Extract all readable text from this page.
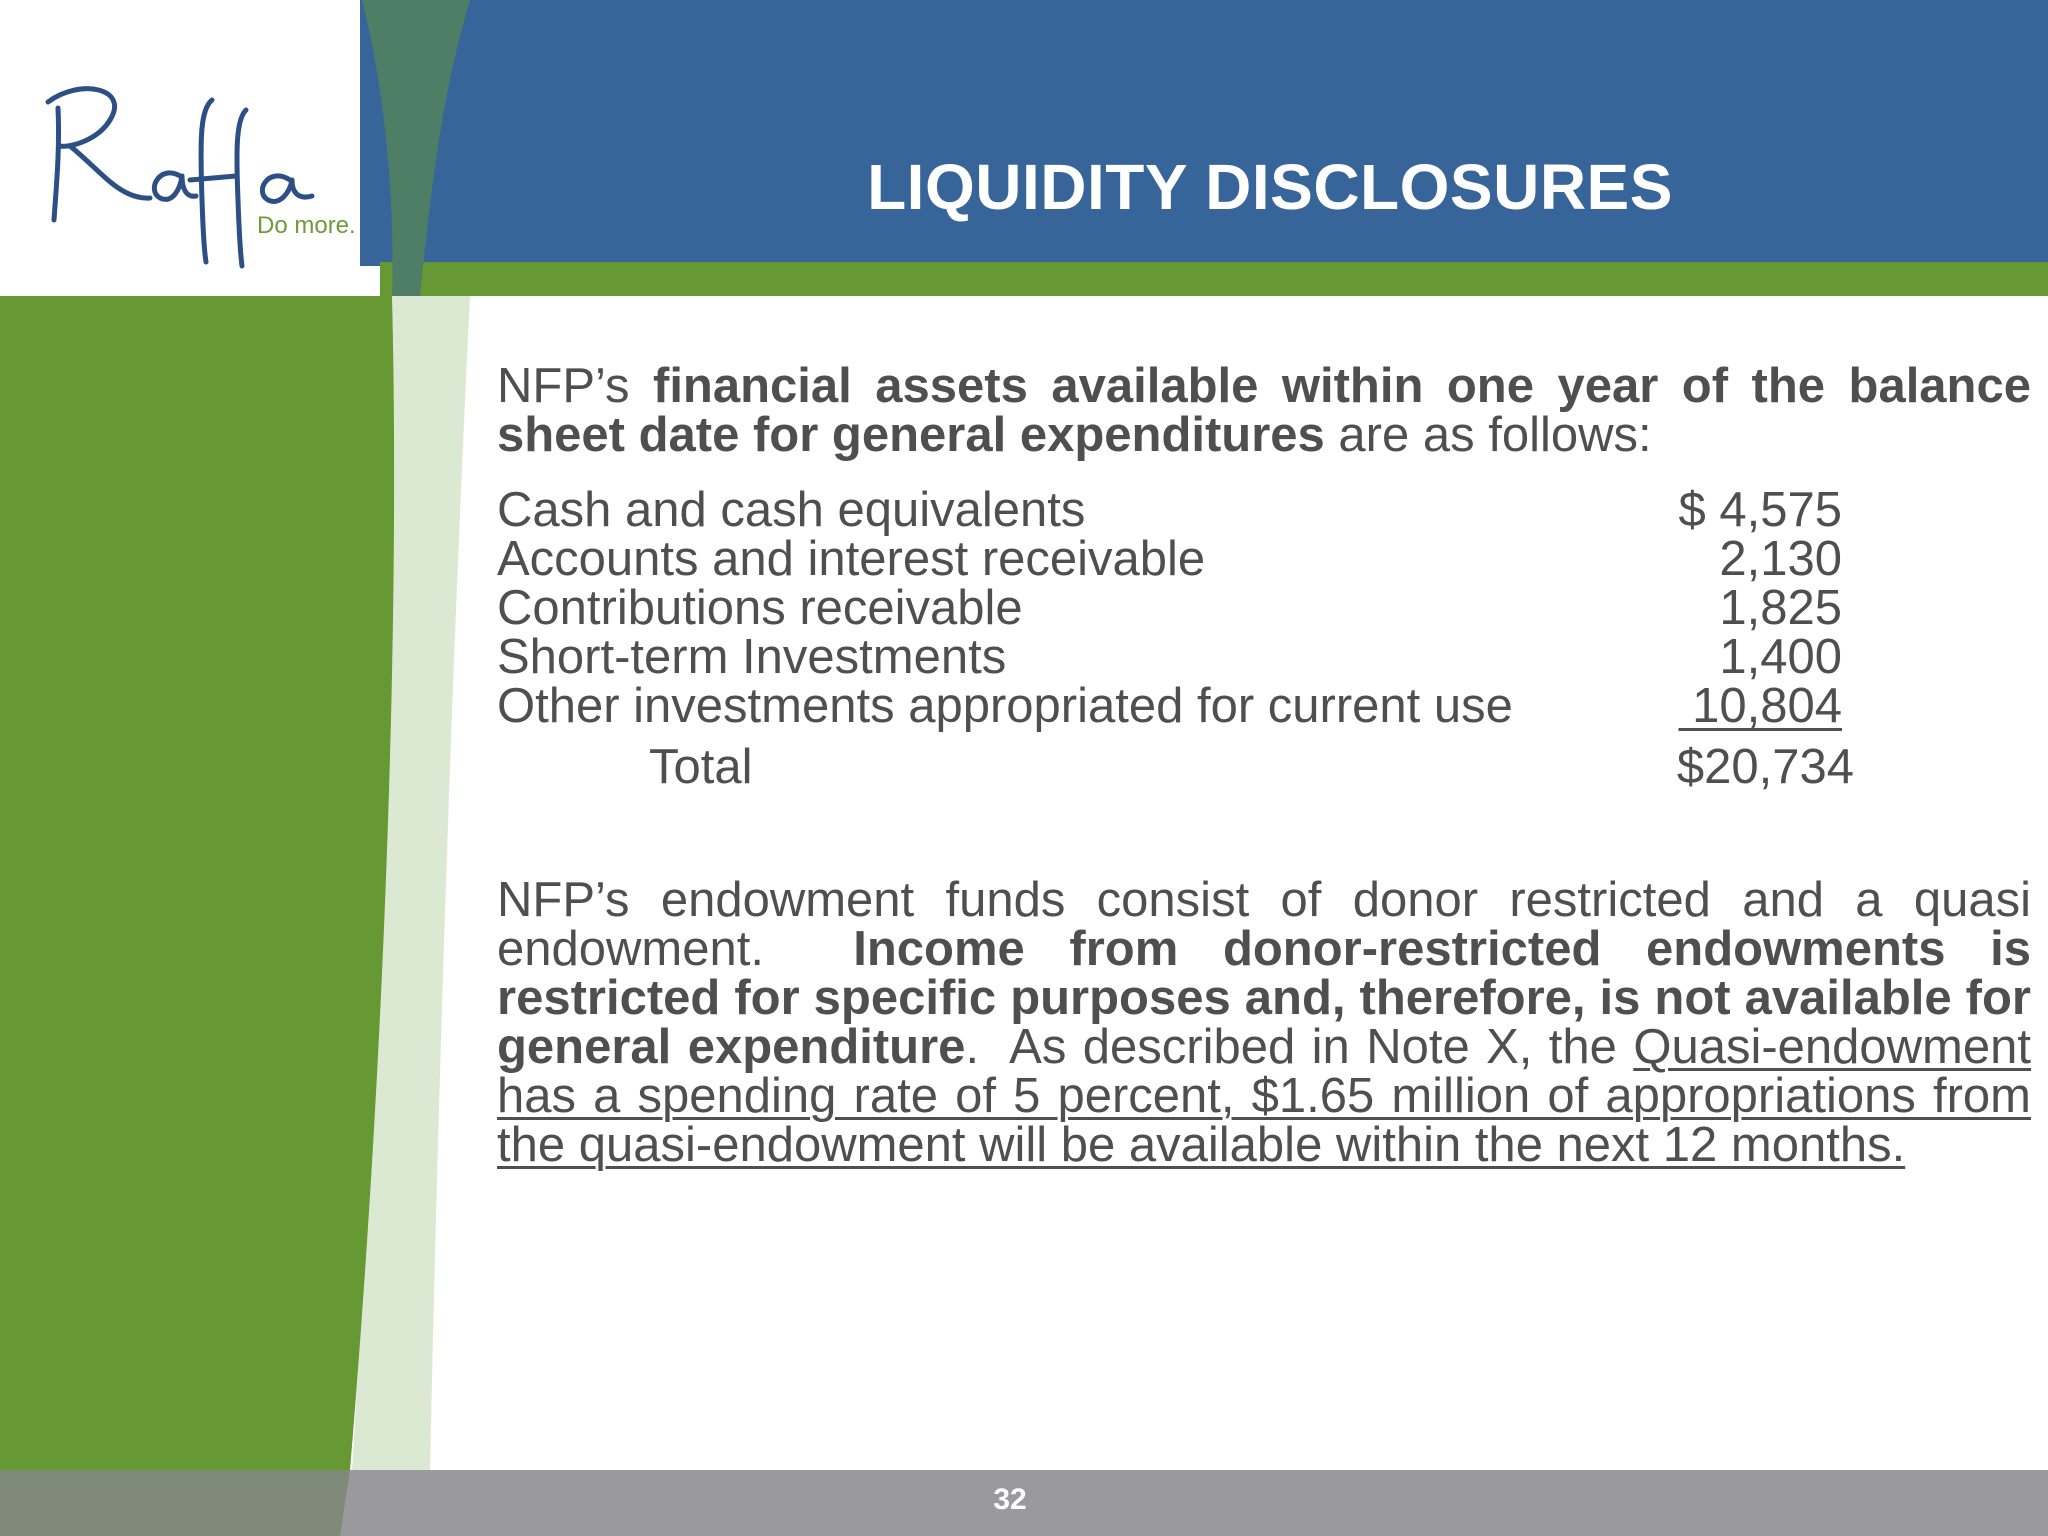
Do more.
LIQUIDITY DISCLOSURES

NFP’s financial assets available within one year of the balance sheet date for general expenditures are as follows:

Cash and cash equivalents	$ 4,575
Accounts and interest receivable	2,130
Contributions receivable	1,825
Short-term Investments	1,400
Other investments appropriated for current use	10,804
Total	$20,734

NFP’s endowment funds consist of donor restricted and a quasi endowment.  Income from donor-restricted endowments is restricted for specific purposes and, therefore, is not available for general expenditure.  As described in Note X, the Quasi-endowment has a spending rate of 5 percent, $1.65 million of appropriations from the quasi-endowment will be available within the next 12 months.

32
